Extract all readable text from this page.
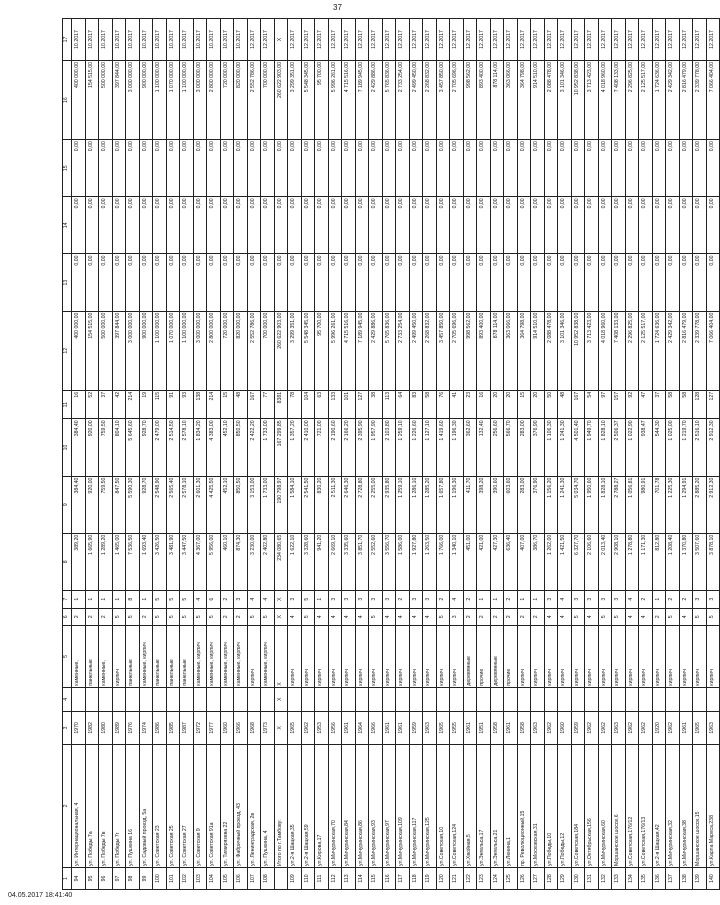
37
1	2	3	4	5	6	7	8	9	10	11	12	13	14	15	16	17
94	ул. Интернациональная, 4	1970		каменные,	2	1	389,20	384,40	384,40	16	400 000,00	0,00	0,00	0,00	400 000,00	10.2017
95	ул. Победы 7а	1982		панельные	2	1	1 665,90	920,00	920,00	52	154 515,00	0,00	0,00	0,00	154 515,00	10.2017
96	ул. Победы 7в	1980		каменные,	2	1	1 289,20	759,50	759,50	37	500 000,00	0,00	0,00	0,00	500 000,00	10.2017
97	ул. Победы 7г	1989		кирпич	5	1	1 465,00	847,50	804,10	42	397 844,00	0,00	0,00	0,00	397 844,00	10.2017
98	ул. Пушкина 16	1976		панельные	5	8	7 536,50	5 590,30	5 645,60	214	3 000 000,00	0,00	0,00	0,00	3 000 000,00	10.2017
99	ул. Садовый проезд, 5а	1974		каменные, кирпич	2	1	1 693,40	928,70	928,70	19	900 000,00	0,00	0,00	0,00	900 000,00	10.2017
100	ул. Советская 23	1986		панельные	5	5	3 426,50	2 548,90	2 479,00	115	1 100 000,00	0,00	0,00	0,00	1 100 000,00	10.2017
101	ул. Советская 25	1985		панельные	5	5	3 481,90	2 565,40	2 514,50	91	1 070 000,00	0,00	0,00	0,00	1 070 000,00	10.2017
102	ул. Советская 27	1987		панельные	5	5	3 447,50	2 578,10	2 578,10	93	1 100 000,00	0,00	0,00	0,00	1 100 000,00	10.2017
103	ул. Советская 9	1972		каменные, кирпич	5	4	4 367,00	2 601,30	1 834,20	138	3 000 000,00	0,00	0,00	0,00	3 000 000,00	10.2017
104	ул. Советская 91а	1977		каменные, кирпич	5	6	5 956,00	4 425,50	4 383,00	214	2 800 000,00	0,00	0,00	0,00	2 800 000,00	10.2017
105	ул. Тимирязева 22	1960		каменные, кирпич	2	2	460,10	452,10	452,10	15	720 000,00	0,00	0,00	0,00	720 000,00	10.2017
106	ул. Фабричный проезд, 43	1966		каменные, кирпич	2	3	874,30	850,50	850,50	48	820 000,00	0,00	0,00	0,00	820 000,00	10.2017
107	ул. Ленинградская, 2в	1968		кирпич	5	4	3 230,00	3 153,00	2 422,20	167	2 552 786,00	0,00	0,00	0,00	2 552 786,00	12.2017
108	ул. Пушкина, 4	1973		каменные, кирпич	5	4	2 402,80	1 733,00	1 733,00	77	700 000,00	0,00	0,00	0,00	700 000,00	12.2017
	Итого по г.Тамбову:	X	X	X	X	X	234 080,65	190 798,97	167 299,85	8381	260 622 903,00	0,00	0,00	0,00	260 622 903,00	X
109	ул.2-я Шацкая,35	1965		кирпич	4	3	1 622,10	1 584,10	1 357,20	78	3 299 351,00	0,00	0,00	0,00	3 299 351,00	12.2017
110	ул.2-я Шацкая,59	1962		кирпич	5	5	3 328,60	2 541,50	2 410,00	104	5 548 345,00	0,00	0,00	0,00	5 548 345,00	12.2017
111	ул.Кирова,17	1953		кирпич	4	1	941,20	830,20	721,00	63	95 700,00	0,00	0,00	0,00	95 700,00	12.2017
112	ул.Мичуринская,70	1956		кирпич	4	3	2 669,10	2 511,30	2 190,60	133	5 996 261,00	0,00	0,00	0,00	5 996 261,00	12.2017
113	ул.Мичуринская,84	1961		кирпич	4	3	3 335,60	2 646,30	2 166,20	101	4 715 516,00	0,00	0,00	0,00	4 715 516,00	12.2017
114	ул.Мичуринская,86	1964		кирпич	4	3	3 851,70	2 728,80	2 395,90	127	7 189 945,00	0,00	0,00	0,00	7 189 945,00	12.2017
115	ул.Мичуринская,93	1966		кирпич	5	3	2 552,60	2 255,00	1 957,90	38	2 429 886,00	0,00	0,00	0,00	2 429 886,00	12.2017
116	ул.Мичуринская,97	1961		кирпич	4	3	3 556,70	2 935,80	2 103,80	113	5 765 836,00	0,00	0,00	0,00	5 765 836,00	12.2017
117	ул.Мичуринская,109	1961		кирпич	4	2	1 586,00	1 259,10	1 259,10	64	2 733 254,00	0,00	0,00	0,00	2 733 254,00	12.2017
118	ул.Мичуринская,117	1959		кирпич	4	3	1 927,80	1 286,10	1 226,60	83	2 499 450,00	0,00	0,00	0,00	2 499 450,00	12.2017
119	ул.Мичуринская,125	1963		кирпич	4	3	1 263,50	1 285,20	1 127,10	58	2 268 832,00	0,00	0,00	0,00	2 268 832,00	12.2017
120	ул.Советская,10	1965		кирпич	5	2	1 766,00	1 657,80	1 419,60	76	3 457 850,00	0,00	0,00	0,00	3 457 850,00	12.2017
121	ул.Советская,124	1955		кирпич	3	4	1 340,10	1 196,30	1 196,30	41	2 705 696,00	0,00	0,00	0,00	2 705 696,00	12.2017
122	ул.Хвойная,5	1961		деревянные	2	2	451,00	411,70	362,60	23	998 562,00	0,00	0,00	0,00	998 562,00	12.2017
123	ул.Энгельса,17	1951		прочие	2	1	421,00	398,20	132,40	16	893 400,00	0,00	0,00	0,00	893 400,00	12.2017
124	ул.Энгельса,21	1958		деревянные	2	1	427,30	390,60	256,60	20	878 114,00	0,00	0,00	0,00	878 114,00	12.2017
125	ул.Ленина,1	1961		прочие	2	2	636,40	603,60	566,70	20	363 066,00	0,00	0,00	0,00	363 066,00	12.2017
126	пр. Революционный,15	1958		кирпич	2	1	407,00	283,00	283,00	15	364 798,00	0,00	0,00	0,00	364 798,00	12.2017
127	ул.Московская,31	1963		кирпич	2	1	386,70	376,90	376,90	20	914 510,00	0,00	0,00	0,00	914 510,00	12.2017
128	ул.Победы,10	1962		кирпич	4	3	1 262,00	1 156,20	1 106,30	50	2 088 478,00	0,00	0,00	0,00	2 088 478,00	12.2017
129	ул.Победы,12	1960		кирпич	4	4	1 421,50	1 241,30	1 241,30	48	3 101 346,00	0,00	0,00	0,00	3 101 346,00	12.2017
130	ул.Советская,184	1959		кирпич	5	3	6 327,70	5 034,70	4 501,40	167	10 952 838,00	0,00	0,00	0,00	10 952 838,00	12.2017
131	ул.Октябрьская,156	1962		кирпич	4	3	2 106,60	1 950,60	1 949,70	54	3 713 423,00	0,00	0,00	0,00	3 713 423,00	12.2017
132	ул.Мичуринская,60	1962		кирпич	5	3	2 013,40	1 828,10	1 828,10	97	4 018 960,00	0,00	0,00	0,00	4 018 960,00	12.2017
133	Моршанское шоссе,6	1963		кирпич	5	3	2 908,10	2 788,27	2 506,37	157	7 408 133,00	0,00	0,00	0,00	7 408 133,00	12.2017
134	ул.Советская,176/12	1962		кирпич	4	4	1 278,80	1 056,81	1 022,90	92	2 296 825,00	0,00	0,00	0,00	2 296 825,00	12.2017
135	ул.Советская,176/13	1962		кирпич	4	2	1 171,30	980,91	938,47	47	2 125 517,00	0,00	0,00	0,00	2 125 517,00	12.2017
136	ул.2-я Шацкая,42	1920		кирпич	2	1	812,80	701,78	544,30	37	1 724 636,00	0,00	0,00	0,00	1 724 636,00	12.2017
137	ул.Мичуринская,32	1962		кирпич	5	2	1 208,40	1 225,30	1 025,00	58	2 429 342,00	0,00	0,00	0,00	2 429 342,00	12.2017
138	ул.Мичуринская,38	1961		кирпич	4	2	1 370,80	1 294,91	1 219,70	58	2 816 479,00	0,00	0,00	0,00	2 816 479,00	12.2017
139	Моршанское шоссе,15	1965		кирпич	5	3	3 507,60	2 885,20	2 516,10	128	2 339 778,00	0,00	0,00	0,00	2 339 778,00	12.2017
140	ул.Карла Маркса,238	1963		кирпич	5	3	3 878,10	2 912,30	2 912,30	127	7 066 404,00	0,00	0,00	0,00	7 066 404,00	12.2017
04.05.2017 18:41:40
